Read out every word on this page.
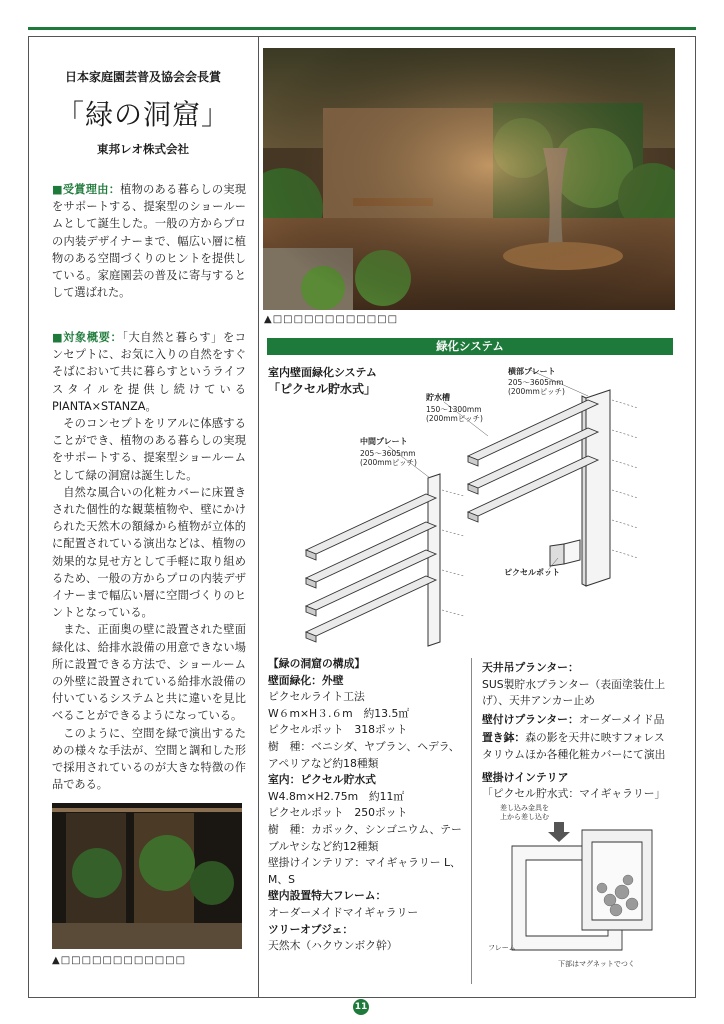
日本家庭園芸普及協会会長賞
「緑の洞窟」
東邦レオ株式会社

■受賞理由：植物のある暮らしの実現をサポートする、提案型のショールームとして誕生した。一般の方からプロの内装デザイナーまで、幅広い層に植物のある空間づくりのヒントを提供している。家庭園芸の普及に寄与するとして選ばれた。

■対象概要：「大自然と暮らす」をコンセプトに、お気に入りの自然をすぐそばにおいて共に暮らすというライフスタイルを提供し続けているPIANTA×STANZA。

そのコンセプトをリアルに体感することができ、植物のある暮らしの実現をサポートする、提案型ショールームとして緑の洞窟は誕生した。

自然な風合いの化粧カバーに床置きされた個性的な観葉植物や、壁にかけられた天然木の額縁から植物が立体的に配置されている演出などは、植物の効果的な見せ方として手軽に取り組めるため、一般の方からプロの内装デザイナーまで幅広い層に空間づくりのヒントとなっている。

また、正面奥の壁に設置された壁面緑化は、給排水設備の用意できない場所に設置できる方法で、ショールームの外壁に設置されている給排水設備の付いているシステムと共に違いを見比べることができるようになっている。

このように、空間を緑で演出するための様々な手法が、空間と調和した形で採用されているのが大きな特徴の作品である。

▲□□□□□□□□□□□□
▲□□□□□□□□□□□□
緑化システム
室内壁面緑化システム
「ピクセル貯水式」
横部プレート
205～3605mm
(200mmピッチ)
貯水槽
150～1300mm
(200mmピッチ)
中間プレート
205～3605mm
(200mmピッチ)
ピクセルポット

【緑の洞窟の構成】

壁面緑化：外壁

ピクセルライト工法

W６m×H３.６m　約13.5㎡

ピクセルポット　318ポット

樹　種：ベニシダ、ヤブラン、ヘデラ、アペリアなど約18種類

室内：ピクセル貯水式

W4.8m×H2.75m　約11㎡

ピクセルポット　250ポット

樹　種：カポック、シンゴニウム、テーブルヤシなど約12種類

壁掛けインテリア：マイギャラリー L、M、S

壁内設置特大フレーム：

オーダーメイドマイギャラリー

ツリーオブジェ：

天然木（ハクウンボク幹）

天井吊プランター：

SUS製貯水プランター（表面塗装仕上げ）、天井アンカー止め

壁付けプランター：オーダーメイド品

置き鉢：森の影を天井に映すフォレスタリウムほか各種化粧カバーにて演出

壁掛けインテリア

「ピクセル貯水式：マイギャラリー」

差し込み金具を
上から差し込む
フレーム
下部はマグネットでつく
11
